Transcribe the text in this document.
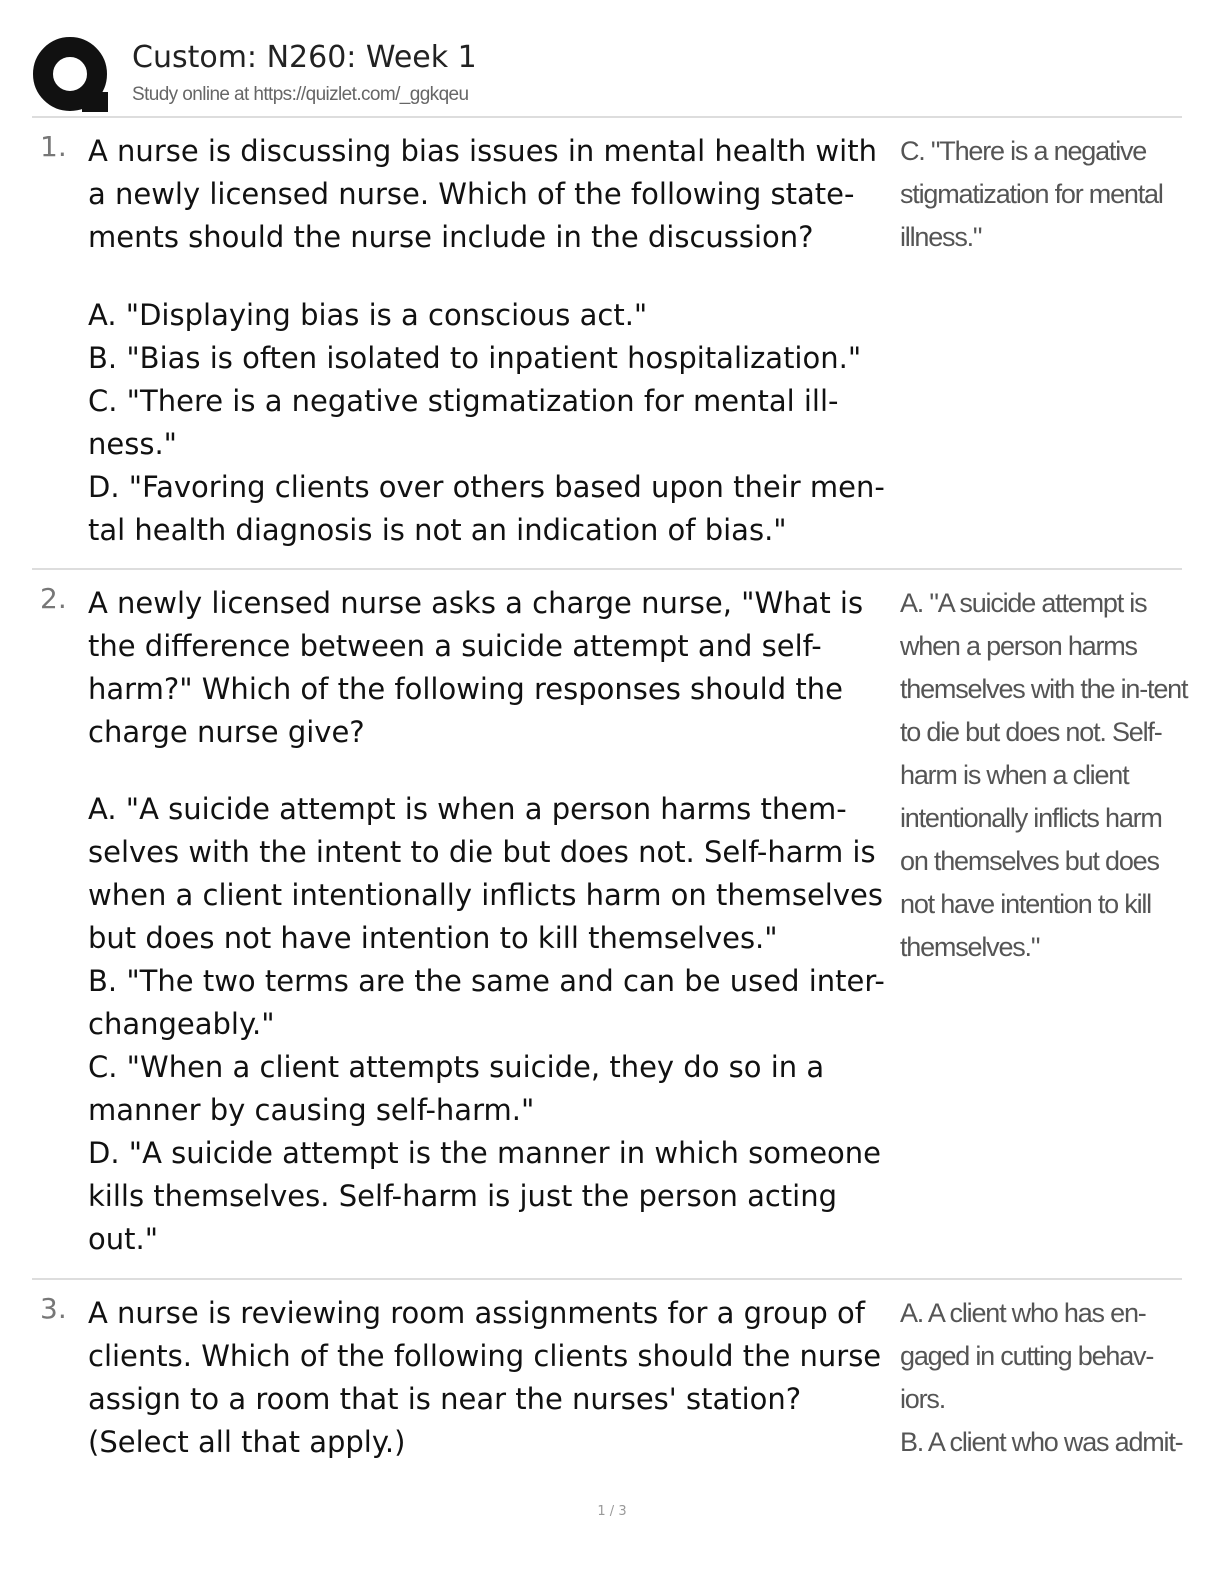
Custom: N260: Week 1
Study online at https://quizlet.com/_ggkqeu
1. A nurse is discussing bias issues in mental health with a newly licensed nurse. Which of the following state-ments should the nurse include in the discussion?
A. "Displaying bias is a conscious act."
B. "Bias is often isolated to inpatient hospitalization."
C. "There is a negative stigmatization for mental ill-ness."
D. "Favoring clients over others based upon their men-tal health diagnosis is not an indication of bias."
C. "There is a negative stigmatization for mental illness."
2. A newly licensed nurse asks a charge nurse, "What is the difference between a suicide attempt and self-harm?" Which of the following responses should the charge nurse give?
A. "A suicide attempt is when a person harms them-selves with the intent to die but does not. Self-harm is when a client intentionally inflicts harm on themselves but does not have intention to kill themselves."
B. "The two terms are the same and can be used inter-changeably."
C. "When a client attempts suicide, they do so in a manner by causing self-harm."
D. "A suicide attempt is the manner in which someone kills themselves. Self-harm is just the person acting out."
A. "A suicide attempt is when a person harms themselves with the in-tent to die but does not. Self-harm is when a client intentionally inflicts harm on themselves but does not have intention to kill themselves."
3. A nurse is reviewing room assignments for a group of clients. Which of the following clients should the nurse assign to a room that is near the nurses' station? (Select all that apply.)
A. A client who has en-gaged in cutting behav-iors.
B. A client who was admit-
1 / 3
